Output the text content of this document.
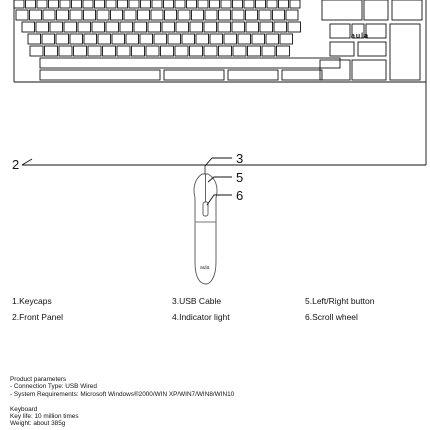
aula
aula
2	3
5
6
1.Keycaps	3.USB Cable	5.Left/Right button
2.Front Panel	4.Indicator light	6.Scroll wheel
Product parameters
- Connection Type: USB Wired
- System Requirements: Microsoft Windows®2000/WIN XP/WIN7/WIN8/WIN10
Keyboard
Key life: 10 million times
Weight: about 385g
